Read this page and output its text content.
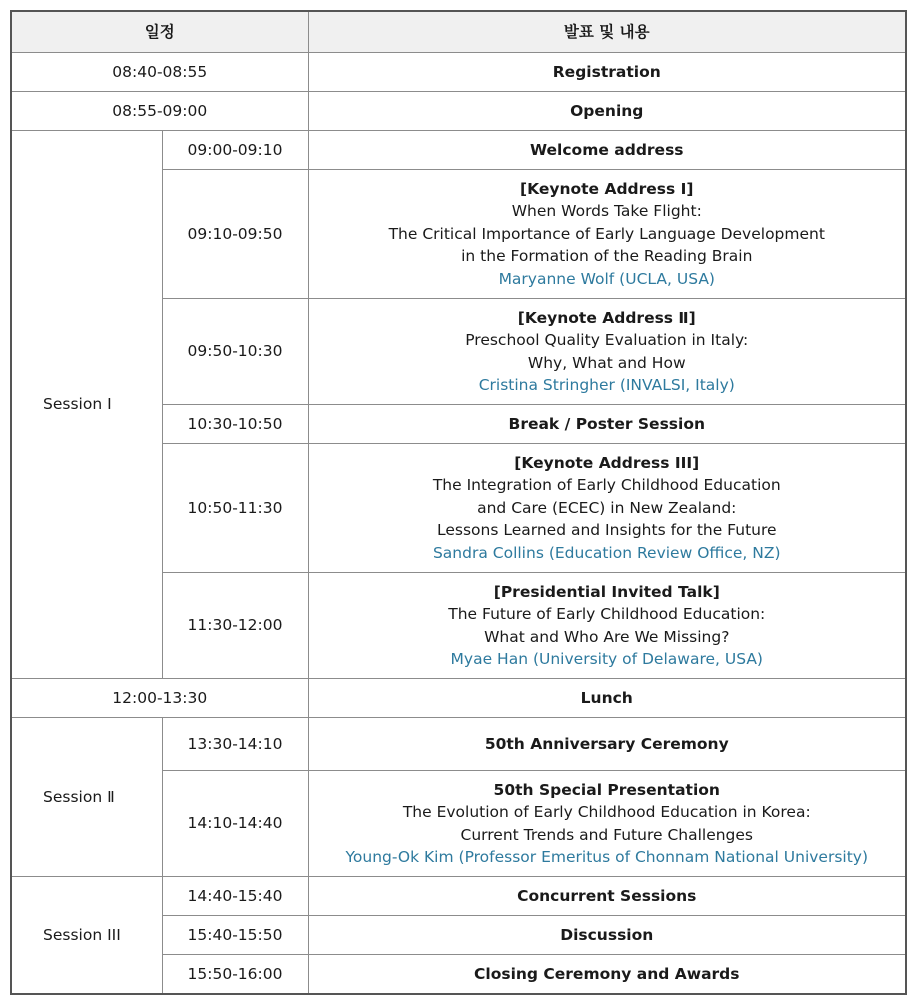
일정		발표 및 내용
08:40-08:55		Registration
08:55-09:00		Opening
Session Ⅰ	09:00-09:10	Welcome address
	09:10-09:50	[Keynote Address Ⅰ]
When Words Take Flight:
The Critical Importance of Early Language Development
in the Formation of the Reading Brain
Maryanne Wolf (UCLA, USA)

	09:50-10:30	[Keynote Address Ⅱ]
Preschool Quality Evaluation in Italy:
Why, What and How
Cristina Stringher (INVALSI, Italy)

	10:30-10:50	Break / Poster Session
	10:50-11:30	[Keynote Address III]
The Integration of Early Childhood Education
and Care (ECEC) in New Zealand:
Lessons Learned and Insights for the Future
Sandra Collins (Education Review Office, NZ)

	11:30-12:00	[Presidential Invited Talk]
The Future of Early Childhood Education:
What and Who Are We Missing?
Myae Han (University of Delaware, USA)

12:00-13:30		Lunch
Session Ⅱ	13:30-14:10	50th Anniversary Ceremony
	14:10-14:40	50th Special Presentation
The Evolution of Early Childhood Education in Korea:
Current Trends and Future Challenges
Young-Ok Kim (Professor Emeritus of Chonnam National University)

Session III	14:40-15:40	Concurrent Sessions
	15:40-15:50	Discussion
	15:50-16:00	Closing Ceremony and Awards
